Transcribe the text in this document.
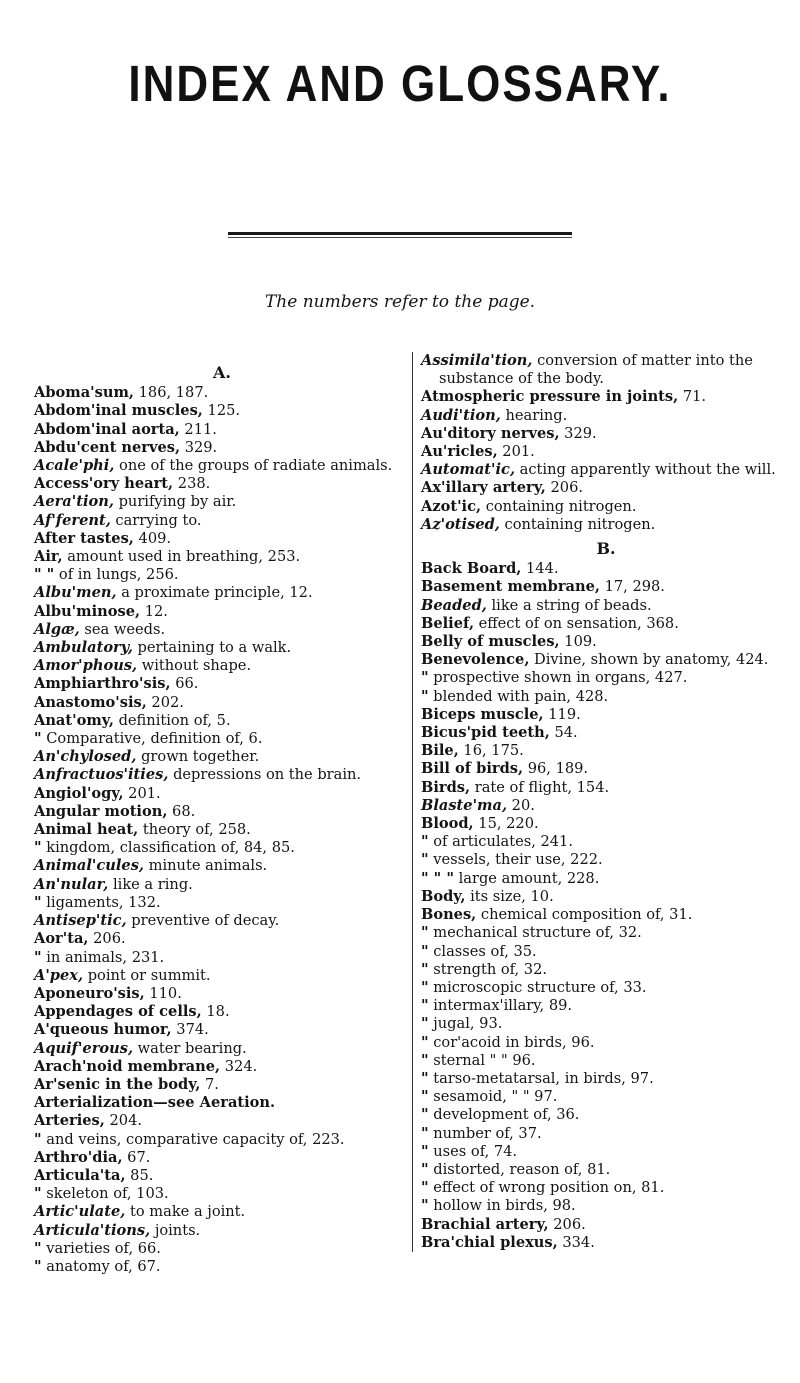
INDEX AND GLOSSARY.
The numbers refer to the page.
A.

Aboma'sum, 186, 187.

Abdom'inal muscles, 125.

Abdom'inal aorta, 211.

Abdu'cent nerves, 329.

Acale'phi, one of the groups of radiate animals.

Access'ory heart, 238.

Aera'tion, purifying by air.

Af'ferent, carrying to.

After tastes, 409.

Air, amount used in breathing, 253.

" " of in lungs, 256.

Albu'men, a proximate principle, 12.

Albu'minose, 12.

Algæ, sea weeds.

Ambulatory, pertaining to a walk.

Amor'phous, without shape.

Amphiarthro'sis, 66.

Anastomo'sis, 202.

Anat'omy, definition of, 5.

" Comparative, definition of, 6.

An'chylosed, grown together.

Anfractuos'ities, depressions on the brain.

Angiol'ogy, 201.

Angular motion, 68.

Animal heat, theory of, 258.

" kingdom, classification of, 84, 85.

Animal'cules, minute animals.

An'nular, like a ring.

" ligaments, 132.

Antisep'tic, preventive of decay.

Aor'ta, 206.

" in animals, 231.

A'pex, point or summit.

Aponeuro'sis, 110.

Appendages of cells, 18.

A'queous humor, 374.

Aquif'erous, water bearing.

Arach'noid membrane, 324.

Ar'senic in the body, 7.

Arterialization—see Aeration.

Arteries, 204.

" and veins, comparative capacity of, 223.

Arthro'dia, 67.

Articula'ta, 85.

" skeleton of, 103.

Artic'ulate, to make a joint.

Articula'tions, joints.

" varieties of, 66.

" anatomy of, 67.

Assimila'tion, conversion of matter into the substance of the body.

Atmospheric pressure in joints, 71.

Audi'tion, hearing.

Au'ditory nerves, 329.

Au'ricles, 201.

Automat'ic, acting apparently without the will.

Ax'illary artery, 206.

Azot'ic, containing nitrogen.

Az'otised, containing nitrogen.

B.

Back Board, 144.

Basement membrane, 17, 298.

Beaded, like a string of beads.

Belief, effect of on sensation, 368.

Belly of muscles, 109.

Benevolence, Divine, shown by anatomy, 424.

" prospective shown in organs, 427.

" blended with pain, 428.

Biceps muscle, 119.

Bicus'pid teeth, 54.

Bile, 16, 175.

Bill of birds, 96, 189.

Birds, rate of flight, 154.

Blaste'ma, 20.

Blood, 15, 220.

" of articulates, 241.

" vessels, their use, 222.

" " " large amount, 228.

Body, its size, 10.

Bones, chemical composition of, 31.

" mechanical structure of, 32.

" classes of, 35.

" strength of, 32.

" microscopic structure of, 33.

" intermax'illary, 89.

" jugal, 93.

" cor'acoid in birds, 96.

" sternal " " 96.

" tarso-metatarsal, in birds, 97.

" sesamoid, " " 97.

" development of, 36.

" number of, 37.

" uses of, 74.

" distorted, reason of, 81.

" effect of wrong position on, 81.

" hollow in birds, 98.

Brachial artery, 206.

Bra'chial plexus, 334.
